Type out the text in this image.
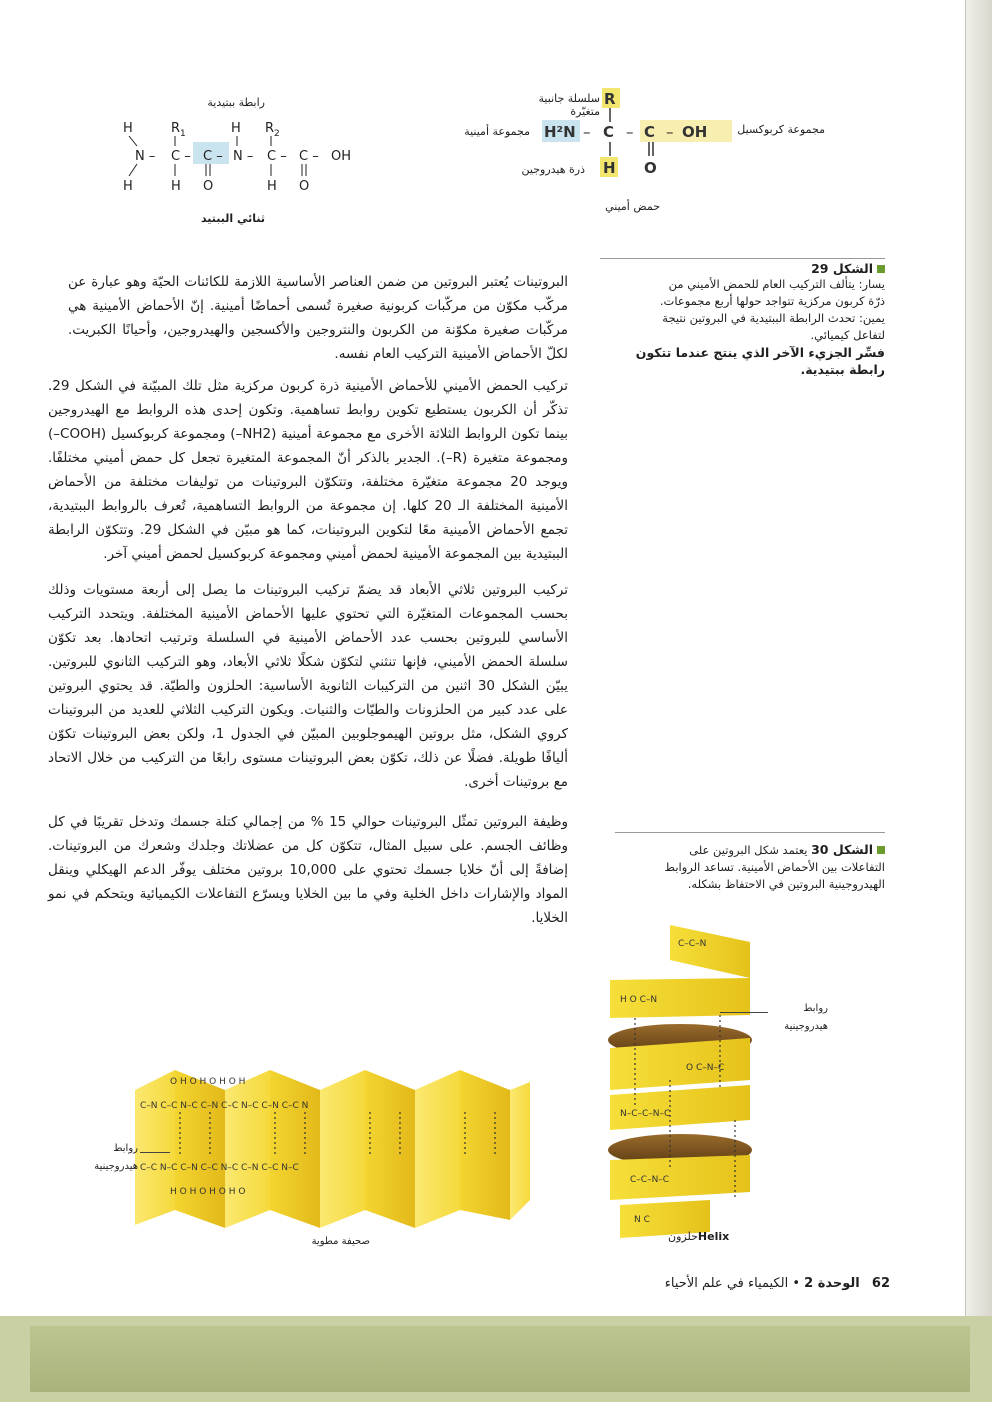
R
H²N – C – C – OH
H O
سلسلة جانبية متغيّرة
مجموعة كربوكسيل
مجموعة أمينية
ذرة هيدروجين
حمض أميني
رابطة ببتيدية
H	R 1	H R 2
N – C – C – N – C – C – OH
H	H O	H O
ثنائي الببتيد
الشكل 29
يسار: يتألف التركيب العام للحمض الأميني من
ذرّة كربون مركزية تتواجد حولها أربع مجموعات.
يمين: تحدث الرابطة الببتيدية في البروتين نتيجة
لتفاعل كيميائي.
فسِّر الجزيء الآخر الذي ينتج عندما تتكون
رابطة ببتيدية.
البروتينات يُعتبر البروتين من ضمن العناصر الأساسية اللازمة للكائنات الحيّة وهو عبارة عن مركّب مكوّن من مركّبات كربونية صغيرة تُسمى أحماضًا أمينية. إنّ الأحماض الأمينية هي مركّبات صغيرة مكوّنة من الكربون والنتروجين والأكسجين والهيدروجين، وأحيانًا الكبريت. لكلّ الأحماض الأمينية التركيب العام نفسه.
تركيب الحمض الأميني للأحماض الأمينية ذرة كربون مركزية مثل تلك المبيّنة في الشكل 29. تذكّر أن الكربون يستطيع تكوين روابط تساهمية. وتكون إحدى هذه الروابط مع الهيدروجين بينما تكون الروابط الثلاثة الأخرى مع مجموعة أمينية (NH2–) ومجموعة كربوكسيل (COOH–) ومجموعة متغيرة (R–). الجدير بالذكر أنّ المجموعة المتغيرة تجعل كل حمض أميني مختلفًا. ويوجد 20 مجموعة متغيّرة مختلفة، وتتكوّن البروتينات من توليفات مختلفة من الأحماض الأمينية المختلفة الـ 20 كلها. إن مجموعة من الروابط التساهمية، تُعرف بالروابط الببتيدية، تجمع الأحماض الأمينية معًا لتكوين البروتينات، كما هو مبيّن في الشكل 29. وتتكوّن الرابطة الببتيدية بين المجموعة الأمينية لحمض أميني ومجموعة كربوكسيل لحمض أميني آخر.
تركيب البروتين ثلاثي الأبعاد قد يضمّ تركيب البروتينات ما يصل إلى أربعة مستويات وذلك بحسب المجموعات المتغيّرة التي تحتوي عليها الأحماض الأمينية المختلفة. ويتحدد التركيب الأساسي للبروتين بحسب عدد الأحماض الأمينية في السلسلة وترتيب اتحادها. بعد تكوّن سلسلة الحمض الأميني، فإنها تنثني لتكوّن شكلًا ثلاثي الأبعاد، وهو التركيب الثانوي للبروتين. يبيّن الشكل 30 اثنين من التركيبات الثانوية الأساسية: الحلزون والطيّة. قد يحتوي البروتين على عدد كبير من الحلزونات والطيّات والثنيات. ويكون التركيب الثلاثي للعديد من البروتينات كروي الشكل، مثل بروتين الهيموجلوبين المبيّن في الجدول 1، ولكن بعض البروتينات تكوّن أليافًا طويلة. فضلًا عن ذلك، تكوّن بعض البروتينات مستوى رابعًا من التركيب من خلال الاتحاد مع بروتينات أخرى.
وظيفة البروتين تمثّل البروتينات حوالي 15 % من إجمالي كتلة جسمك وتدخل تقريبًا في كل وظائف الجسم. على سبيل المثال، تتكوّن كل من عضلاتك وجلدك وشعرك من البروتينات. إضافةً إلى أنّ خلايا جسمك تحتوي على 10,000 بروتين مختلف يوفّر الدعم الهيكلي وينقل المواد والإشارات داخل الخلية وفي ما بين الخلايا ويسرّع التفاعلات الكيميائية ويتحكم في نمو الخلايا.
الشكل 30 يعتمد شكل البروتين على
التفاعلات بين الأحماض الأمينية. تساعد الروابط
الهيدروجينية البروتين في الاحتفاظ بشكله.
C–C–N
H O C–N
O C–N–C
N–C–C–N–C
C–C–N–C
N C
روابط هيدروجينية
حلزونHelix
C–N C–C N–C C–N C–C N–C C–N C–C N
O H O H O H O H
C–C N–C C–N C–C N–C C–N C–C N–C
H O H O H O H O
روابط هيدروجينية
صحيفة مطوية
62 الوحدة 2 • الكيمياء في علم الأحياء
